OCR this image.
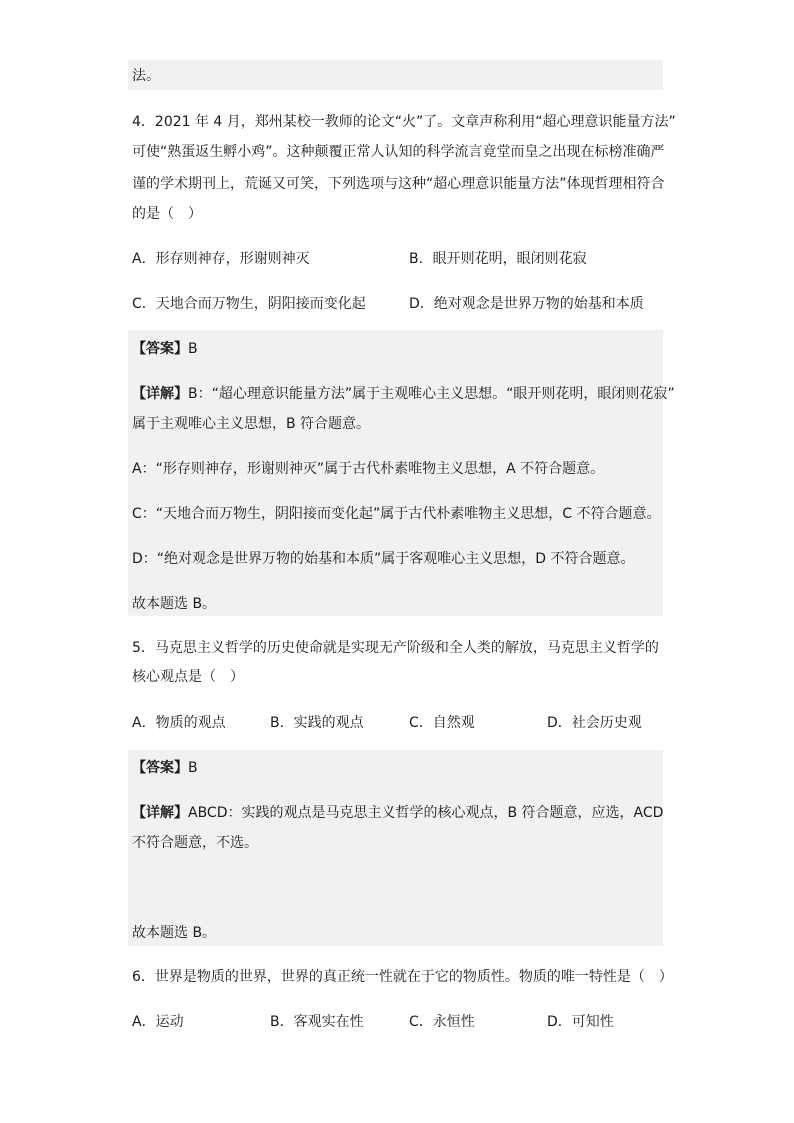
法。
4．2021 年 4 月，郑州某校一教师的论文“火”了。文章声称利用“超心理意识能量方法”
可使“熟蛋返生孵小鸡”。这种颠覆正常人认知的科学流言竟堂而皇之出现在标榜准确严
谨的学术期刊上，荒诞又可笑，下列选项与这种“超心理意识能量方法”体现哲理相符合
的是（　）
A．形存则神存，形谢则神灭	B．眼开则花明，眼闭则花寂
C．天地合而万物生，阴阳接而变化起	D．绝对观念是世界万物的始基和本质
【答案】B
【详解】B：“超心理意识能量方法”属于主观唯心主义思想。“眼开则花明，眼闭则花寂”
属于主观唯心主义思想，B 符合题意。
A：“形存则神存，形谢则神灭”属于古代朴素唯物主义思想，A 不符合题意。
C：“天地合而万物生，阴阳接而变化起”属于古代朴素唯物主义思想，C 不符合题意。
D：“绝对观念是世界万物的始基和本质”属于客观唯心主义思想，D 不符合题意。
故本题选 B。
5．马克思主义哲学的历史使命就是实现无产阶级和全人类的解放，马克思主义哲学的
核心观点是（　）
A．物质的观点	B．实践的观点	C．自然观	D．社会历史观
【答案】B
【详解】ABCD：实践的观点是马克思主义哲学的核心观点，B 符合题意，应选，ACD
不符合题意，不选。
故本题选 B。
6．世界是物质的世界，世界的真正统一性就在于它的物质性。物质的唯一特性是（　）
A．运动	B．客观实在性	C．永恒性	D．可知性
